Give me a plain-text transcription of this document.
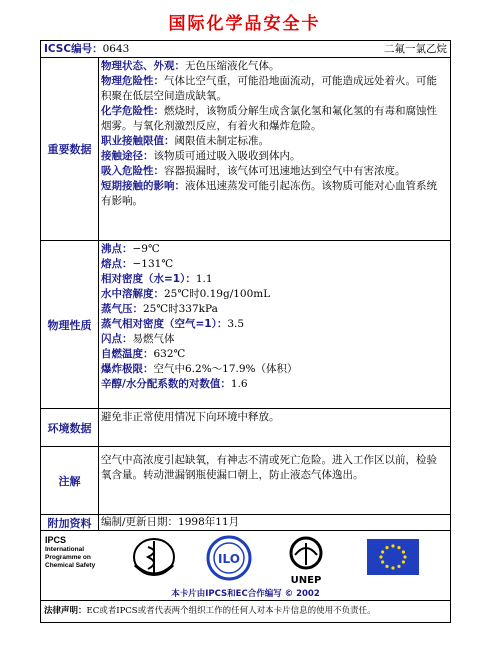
国际化学品安全卡
ICSC编号：0643	二氟一氯乙烷
重要数据
物理状态、外观：无色压缩液化气体。
物理危险性：气体比空气重，可能沿地面流动，可能造成远处着火。可能积聚在低层空间造成缺氧。
化学危险性：燃烧时，该物质分解生成含氯化氢和氟化氢的有毒和腐蚀性烟雾。与氧化剂激烈反应，有着火和爆炸危险。
职业接触限值：阈限值未制定标准。
接触途径：该物质可通过吸入吸收到体内。
吸入危险性：容器损漏时，该气体可迅速地达到空气中有害浓度。
短期接触的影响：液体迅速蒸发可能引起冻伤。该物质可能对心血管系统有影响。
物理性质
沸点：−9℃
熔点：−131℃
相对密度（水=1）：1.1
水中溶解度：25℃时0.19g/100mL
蒸气压：25℃时337kPa
蒸气相对密度（空气=1）：3.5
闪点：易燃气体
自燃温度：632℃
爆炸极限：空气中6.2%～17.9%（体积）
辛醇/水分配系数的对数值：1.6
环境数据
避免非正常使用情况下向环境中释放。
注解
空气中高浓度引起缺氧，有神志不清或死亡危险。进入工作区以前，检验氧含量。转动泄漏钢瓶使漏口朝上，防止液态气体逸出。
附加资料 编制/更新日期：1998年11月
IPCS
International
Programme on
Chemical Safety	ILO
UNEP
本卡片由IPCS和EC合作编写 © 2002
法律声明：EC或者IPCS或者代表两个组织工作的任何人对本卡片信息的使用不负责任。
